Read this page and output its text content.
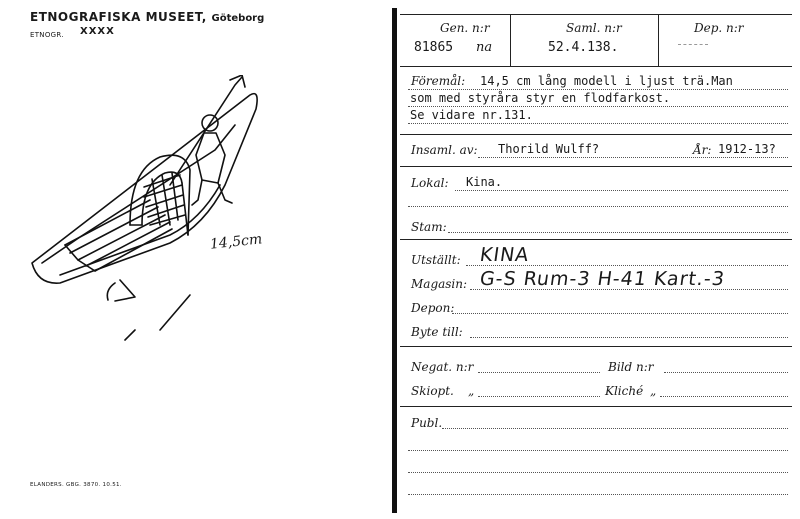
ETNOGRAFISKA MUSEET, Göteborg
ETNOGR. XXXX
14,5cm
ELANDERS. GBG. 3870. 10.51.
Gen. n:r	Saml. n:r	Dep. n:r
81865 na	52.4.138.
Föremål: 14,5 cm lång modell i ljust trä.Man
som med styråra styr en flodfarkost.
Se vidare nr.131.
Insaml. av: Thorild Wulff?	År: 1912-13?
Lokal: Kina.
Stam:
Utställt: KINA
Magasin: G-S Rum-3 H-41 Kart.-3
Depon:
Byte till:
Negat. n:r	Bild n:r
Skiopt. „	Kliché „
Publ.
